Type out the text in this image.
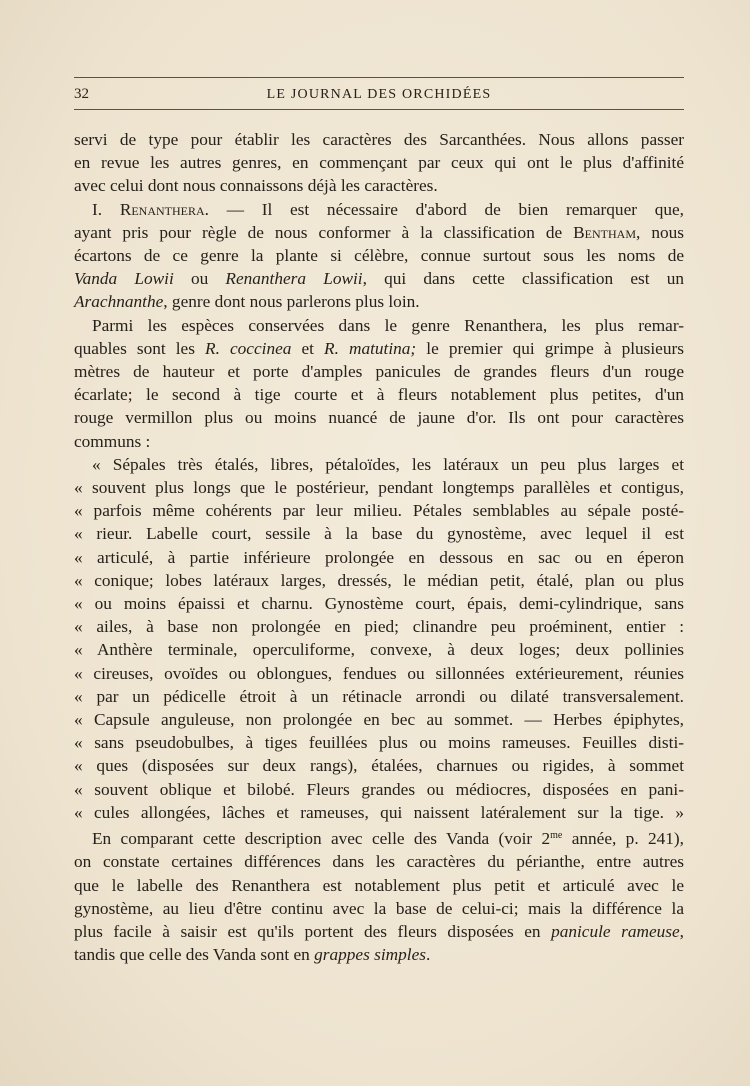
32	LE JOURNAL DES ORCHIDÉES
servi de type pour établir les caractères des Sarcanthées. Nous allons passer
en revue les autres genres, en commençant par ceux qui ont le plus d'affinité
avec celui dont nous connaissons déjà les caractères.
I. Renanthera. — Il est nécessaire d'abord de bien remarquer que,
ayant pris pour règle de nous conformer à la classification de Bentham, nous
écartons de ce genre la plante si célèbre, connue surtout sous les noms de
Vanda Lowii ou Renanthera Lowii, qui dans cette classification est un
Arachnanthe, genre dont nous parlerons plus loin.
Parmi les espèces conservées dans le genre Renanthera, les plus remar-
quables sont les R. coccinea et R. matutina; le premier qui grimpe à plusieurs
mètres de hauteur et porte d'amples panicules de grandes fleurs d'un rouge
écarlate; le second à tige courte et à fleurs notablement plus petites, d'un
rouge vermillon plus ou moins nuancé de jaune d'or. Ils ont pour caractères
communs :
« Sépales très étalés, libres, pétaloïdes, les latéraux un peu plus larges et
« souvent plus longs que le postérieur, pendant longtemps parallèles et contigus,
« parfois même cohérents par leur milieu. Pétales semblables au sépale posté-
« rieur. Labelle court, sessile à la base du gynostème, avec lequel il est
« articulé, à partie inférieure prolongée en dessous en sac ou en éperon
« conique; lobes latéraux larges, dressés, le médian petit, étalé, plan ou plus
« ou moins épaissi et charnu. Gynostème court, épais, demi-cylindrique, sans
« ailes, à base non prolongée en pied; clinandre peu proéminent, entier :
« Anthère terminale, operculiforme, convexe, à deux loges; deux pollinies
« cireuses, ovoïdes ou oblongues, fendues ou sillonnées extérieurement, réunies
« par un pédicelle étroit à un rétinacle arrondi ou dilaté transversalement.
« Capsule anguleuse, non prolongée en bec au sommet. — Herbes épiphytes,
« sans pseudobulbes, à tiges feuillées plus ou moins rameuses. Feuilles disti-
« ques (disposées sur deux rangs), étalées, charnues ou rigides, à sommet
« souvent oblique et bilobé. Fleurs grandes ou médiocres, disposées en pani-
« cules allongées, lâches et rameuses, qui naissent latéralement sur la tige. »
En comparant cette description avec celle des Vanda (voir $2^{me}$ année, p. 241),
on constate certaines différences dans les caractères du périanthe, entre autres
que le labelle des Renanthera est notablement plus petit et articulé avec le
gynostème, au lieu d'être continu avec la base de celui-ci; mais la différence la
plus facile à saisir est qu'ils portent des fleurs disposées en panicule rameuse,
tandis que celle des Vanda sont en grappes simples.
